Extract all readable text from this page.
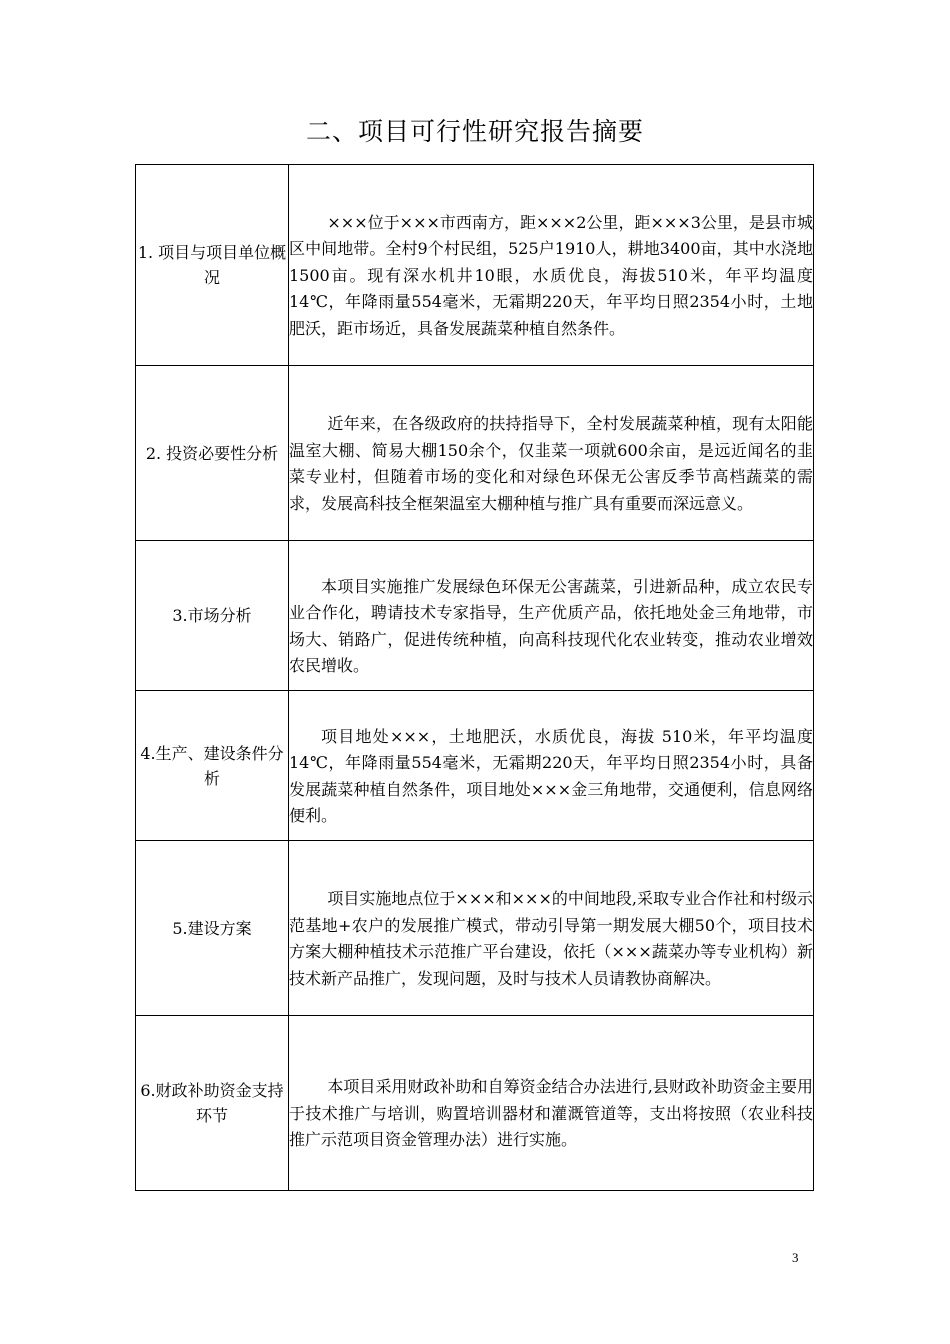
二、项目可行性研究报告摘要
1. 项目与项目单位概况	×××位于×××市西南方，距×××2公里，距×××3公里，是县市城区中间地带。全村9个村民组，525户1910人，耕地3400亩，其中水浇地1500亩。现有深水机井10眼，水质优良，海拔510米，年平均温度14℃，年降雨量554毫米，无霜期220天，年平均日照2354小时，土地肥沃，距市场近，具备发展蔬菜种植自然条件。

2. 投资必要性分析	近年来，在各级政府的扶持指导下，全村发展蔬菜种植，现有太阳能温室大棚、简易大棚150余个，仅韭菜一项就600余亩，是远近闻名的韭菜专业村，但随着市场的变化和对绿色环保无公害反季节高档蔬菜的需求，发展高科技全框架温室大棚种植与推广具有重要而深远意义。

3.市场分析	本项目实施推广发展绿色环保无公害蔬菜，引进新品种，成立农民专业合作化，聘请技术专家指导，生产优质产品，依托地处金三角地带，市场大、销路广，促进传统种植，向高科技现代化农业转变，推动农业增效农民增收。

4.生产、建设条件分析	项目地处×××，土地肥沃，水质优良，海拔 510米，年平均温度14℃，年降雨量554毫米，无霜期220天，年平均日照2354小时，具备发展蔬菜种植自然条件，项目地处×××金三角地带，交通便利，信息网络便利。

5.建设方案	项目实施地点位于×××和×××的中间地段,采取专业合作社和村级示范基地+农户的发展推广模式，带动引导第一期发展大棚50个，项目技术方案大棚种植技术示范推广平台建设，依托（×××蔬菜办等专业机构）新技术新产品推广，发现问题，及时与技术人员请教协商解决。

6.财政补助资金支持环节	本项目采用财政补助和自筹资金结合办法进行,县财政补助资金主要用于技术推广与培训，购置培训器材和灌溉管道等，支出将按照（农业科技推广示范项目资金管理办法）进行实施。

3
